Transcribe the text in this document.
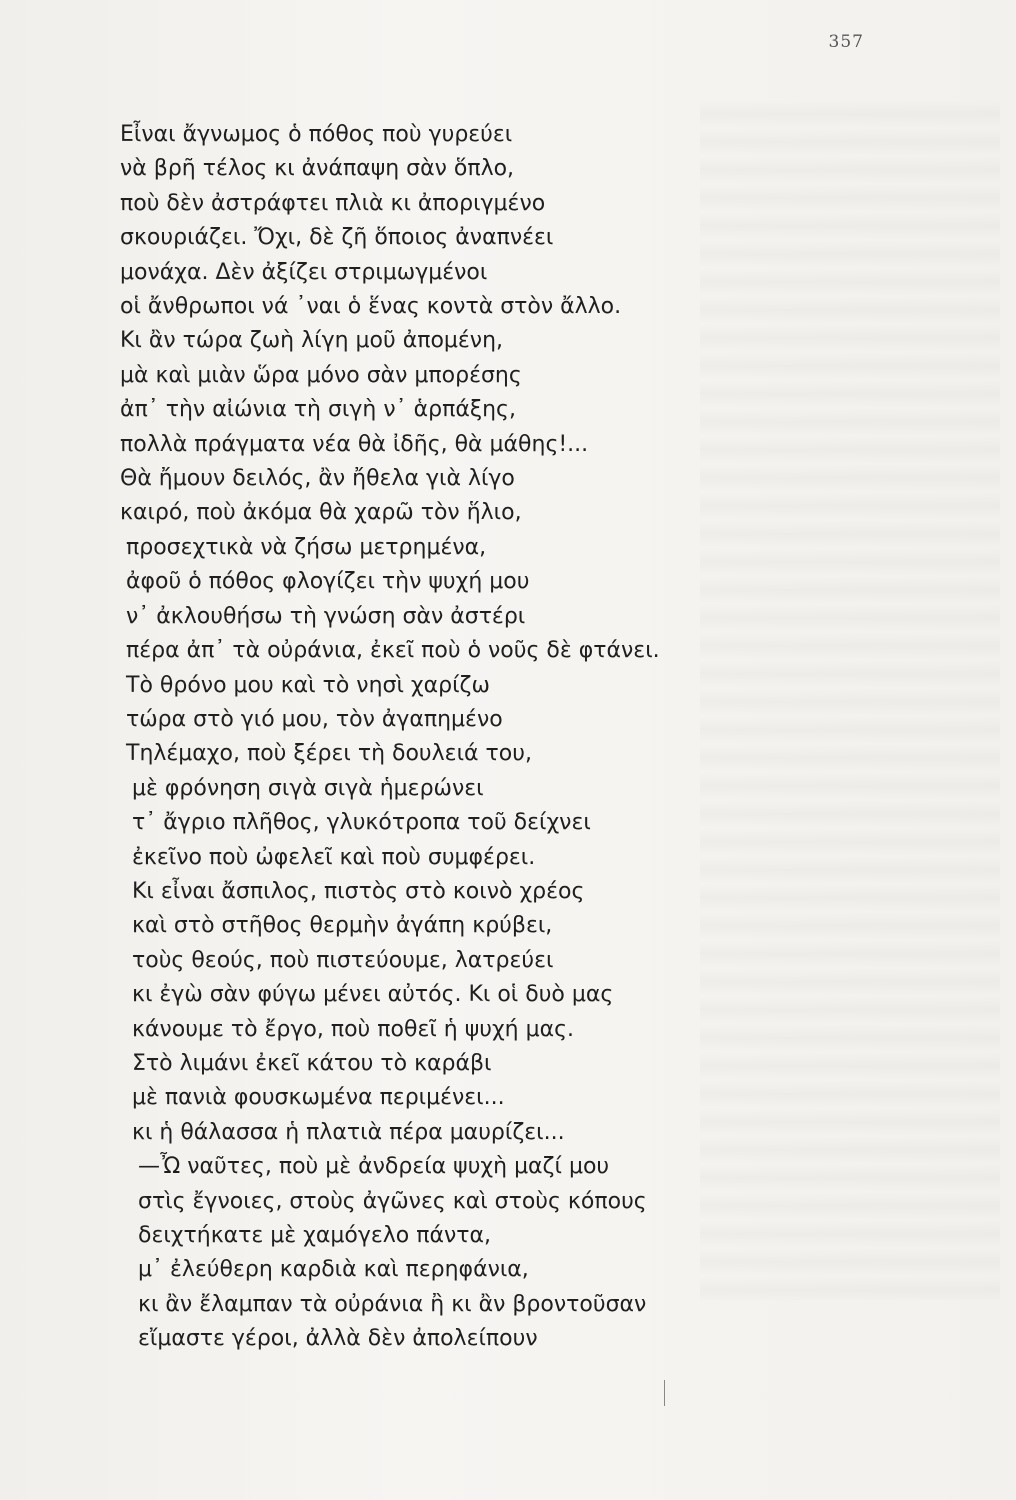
357
Εἶναι ἄγνωμος ὁ πόθος ποὺ γυρεύει
νὰ βρῆ τέλος κι ἀνάπαψη σὰν ὅπλο,
ποὺ δὲν ἀστράφτει πλιὰ κι ἀποριγμένο
σκουριάζει. Ὄχι, δὲ ζῆ ὅποιος ἀναπνέει
μονάχα. Δὲν ἀξίζει στριμωγμένοι
οἱ ἄνθρωποι νά ᾽ναι ὁ ἕνας κοντὰ στὸν ἄλλο.
Κι ἂν τώρα ζωὴ λίγη μοῦ ἀπομένη,
μὰ καὶ μιὰν ὥρα μόνο σὰν μπορέσης
ἀπ᾽ τὴν αἰώνια τὴ σιγὴ ν᾽ ἁρπάξης,
πολλὰ πράγματα νέα θὰ ἰδῆς, θὰ μάθης!...
Θὰ ἤμουν δειλός, ἂν ἤθελα γιὰ λίγο
καιρό, ποὺ ἀκόμα θὰ χαρῶ τὸν ἥλιο,
προσεχτικὰ νὰ ζήσω μετρημένα,
ἀφοῦ ὁ πόθος φλογίζει τὴν ψυχή μου
ν᾽ ἀκλουθήσω τὴ γνώση σὰν ἀστέρι
πέρα ἀπ᾽ τὰ οὐράνια, ἐκεῖ ποὺ ὁ νοῦς δὲ φτάνει.
Τὸ θρόνο μου καὶ τὸ νησὶ χαρίζω
τώρα στὸ γιό μου, τὸν ἀγαπημένο
Τηλέμαχο, ποὺ ξέρει τὴ δουλειά του,
μὲ φρόνηση σιγὰ σιγὰ ἡμερώνει
τ᾽ ἄγριο πλῆθος, γλυκότροπα τοῦ δείχνει
ἐκεῖνο ποὺ ὠφελεῖ καὶ ποὺ συμφέρει.
Κι εἶναι ἄσπιλος, πιστὸς στὸ κοινὸ χρέος
καὶ στὸ στῆθος θερμὴν ἀγάπη κρύβει,
τοὺς θεούς, ποὺ πιστεύουμε, λατρεύει
κι ἐγὼ σὰν φύγω μένει αὐτός. Κι οἱ δυὸ μας
κάνουμε τὸ ἔργο, ποὺ ποθεῖ ἡ ψυχή μας.
Στὸ λιμάνι ἐκεῖ κάτου τὸ καράβι
μὲ πανιὰ φουσκωμένα περιμένει...
κι ἡ θάλασσα ἡ πλατιὰ πέρα μαυρίζει...
—Ὦ ναῦτες, ποὺ μὲ ἀνδρεία ψυχὴ μαζί μου
στὶς ἔγνοιες, στοὺς ἀγῶνες καὶ στοὺς κόπους
δειχτήκατε μὲ χαμόγελο πάντα,
μ᾽ ἐλεύθερη καρδιὰ καὶ περηφάνια,
κι ἂν ἔλαμπαν τὰ οὐράνια ἢ κι ἂν βροντοῦσαν
εἴμαστε γέροι, ἀλλὰ δὲν ἀπολείπουν
